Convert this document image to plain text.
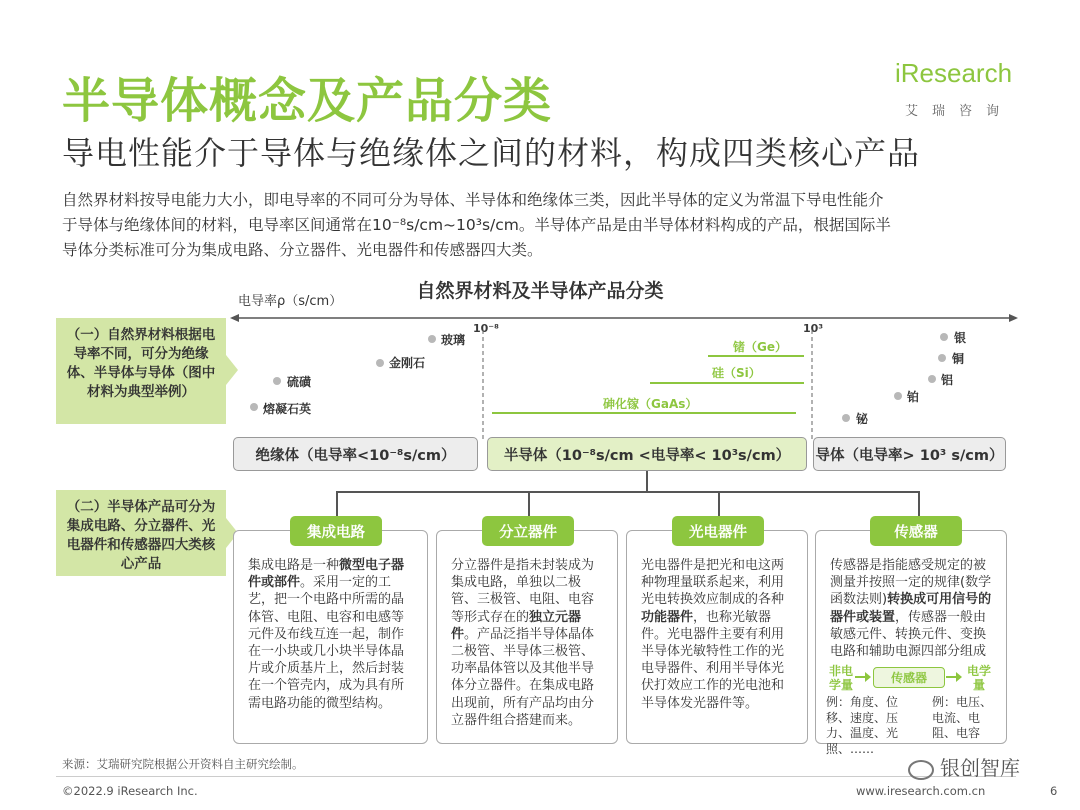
半导体概念及产品分类
导电性能介于导体与绝缘体之间的材料，构成四类核心产品
iResearch
艾瑞咨询
自然界材料按导电能力大小，即电导率的不同可分为导体、半导体和绝缘体三类，因此半导体的定义为常温下导电性能介
于导体与绝缘体间的材料，电导率区间通常在10⁻⁸s/cm~10³s/cm。半导体产品是由半导体材料构成的产品，根据国际半
导体分类标准可分为集成电路、分立器件、光电器件和传感器四大类。
自然界材料及半导体产品分类
电导率ρ（s/cm）
10⁻⁸	10³
（一）自然界材料根据电导率不同，可分为绝缘体、半导体与导体（图中材料为典型举例）
熔凝石英
硫磺
金刚石
玻璃	锗（Ge）
硅（Si）
砷化镓（GaAs）
银
铜
铝
铂
铋
绝缘体（电导率<10⁻⁸s/cm）	半导体（10⁻⁸s/cm <电导率< 10³s/cm）	导体（电导率> 10³ s/cm）
（二）半导体产品可分为集成电路、分立器件、光电器件和传感器四大类核心产品	集成电路是一种微型电子器件或部件。采用一定的工艺，把一个电路中所需的晶体管、电阻、电容和电感等元件及布线互连一起，制作在一小块或几小块半导体晶片或介质基片上，然后封装在一个管壳内，成为具有所需电路功能的微型结构。
集成电路
分立器件是指未封装成为集成电路，单独以二极管、三极管、电阻、电容等形式存在的独立元器件。产品泛指半导体晶体二极管、半导体三极管、功率晶体管以及其他半导体分立器件。在集成电路出现前，所有产品均由分立器件组合搭建而来。
分立器件
光电器件是把光和电这两种物理量联系起来，利用光电转换效应制成的各种功能器件，也称光敏器件。光电器件主要有利用半导体光敏特性工作的光电导器件、利用半导体光伏打效应工作的光电池和半导体发光器件等。
光电器件
传感器是指能感受规定的被测量并按照一定的规律(数学函数法则)转换成可用信号的器件或装置，传感器一般由敏感元件、转换元件、变换电路和辅助电源四部分组成
传感器
非电学量	传感器	电学量
例：角度、位移、速度、压力、温度、光照、……
例：电压、电流、电阻、电容
来源：艾瑞研究院根据公开资料自主研究绘制。
©2022.9 iResearch Inc.	www.iresearch.com.cn
银创智库
6
